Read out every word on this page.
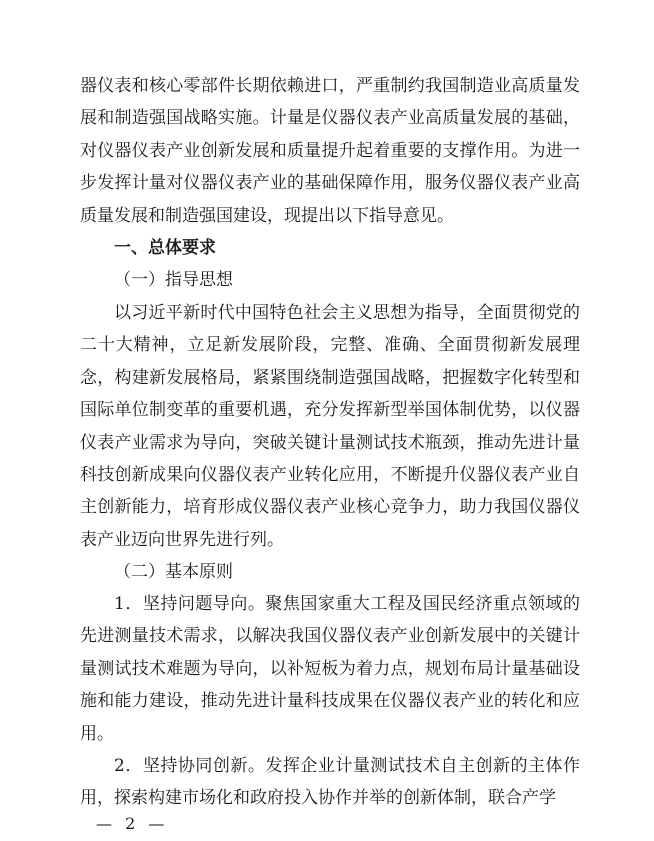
器仪表和核心零部件长期依赖进口，严重制约我国制造业高质量发展和制造强国战略实施。计量是仪器仪表产业高质量发展的基础，对仪器仪表产业创新发展和质量提升起着重要的支撑作用。为进一步发挥计量对仪器仪表产业的基础保障作用，服务仪器仪表产业高质量发展和制造强国建设，现提出以下指导意见。

一、总体要求

（一）指导思想

以习近平新时代中国特色社会主义思想为指导，全面贯彻党的二十大精神，立足新发展阶段，完整、准确、全面贯彻新发展理念，构建新发展格局，紧紧围绕制造强国战略，把握数字化转型和国际单位制变革的重要机遇，充分发挥新型举国体制优势，以仪器仪表产业需求为导向，突破关键计量测试技术瓶颈，推动先进计量科技创新成果向仪器仪表产业转化应用，不断提升仪器仪表产业自主创新能力，培育形成仪器仪表产业核心竞争力，助力我国仪器仪表产业迈向世界先进行列。

（二）基本原则

1．坚持问题导向。聚焦国家重大工程及国民经济重点领域的先进测量技术需求，以解决我国仪器仪表产业创新发展中的关键计量测试技术难题为导向，以补短板为着力点，规划布局计量基础设施和能力建设，推动先进计量科技成果在仪器仪表产业的转化和应用。

2．坚持协同创新。发挥企业计量测试技术自主创新的主体作用，探索构建市场化和政府投入协作并举的创新体制，联合产学

— 2 —
